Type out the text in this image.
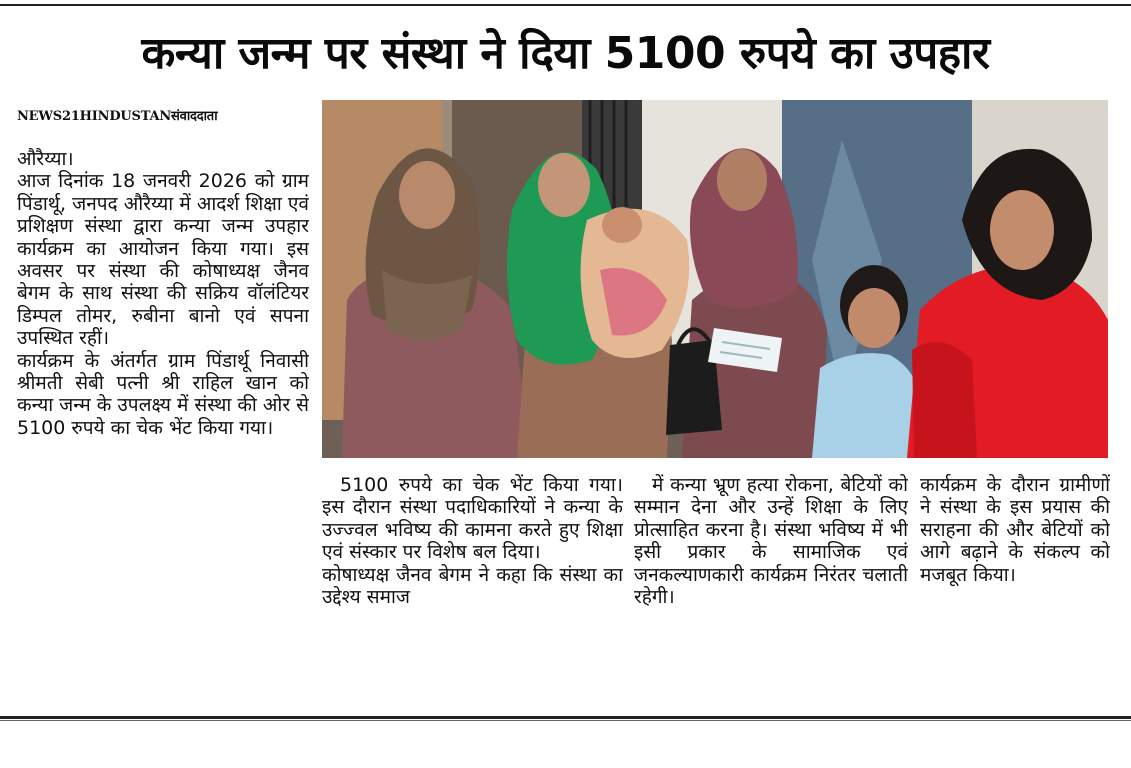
कन्या जन्म पर संस्था ने दिया 5100 रुपये का उपहार
NEWS21HINDUSTANसंवाददाता

औरैय्या।

आज दिनांक 18 जनवरी 2026 को ग्राम पिंडार्थू, जनपद औरैय्या में आदर्श शिक्षा एवं प्रशिक्षण संस्था द्वारा कन्या जन्म उपहार कार्यक्रम का आयोजन किया गया। इस अवसर पर संस्था की कोषाध्यक्ष जैनव बेगम के साथ संस्था की सक्रिय वॉलंटियर डिम्पल तोमर, रुबीना बानो एवं सपना उपस्थित रहीं।

कार्यक्रम के अंतर्गत ग्राम पिंडार्थू निवासी श्रीमती सेबी पत्नी श्री राहिल खान को कन्या जन्म के उपलक्ष्य में संस्था की ओर से 5100 रुपये का चेक भेंट किया गया।

5100 रुपये का चेक भेंट किया गया। इस दौरान संस्था पदाधिकारियों ने कन्या के उज्ज्वल भविष्य की कामना करते हुए शिक्षा एवं संस्कार पर विशेष बल दिया।

कोषाध्यक्ष जैनव बेगम ने कहा कि संस्था का उद्देश्य समाज

में कन्या भ्रूण हत्या रोकना, बेटियों को सम्मान देना और उन्हें शिक्षा के लिए प्रोत्साहित करना है। संस्था भविष्य में भी इसी प्रकार के सामाजिक एवं जनकल्याणकारी कार्यक्रम निरंतर चलाती रहेगी।

कार्यक्रम के दौरान ग्रामीणों ने संस्था के इस प्रयास की सराहना की और बेटियों को आगे बढ़ाने के संकल्प को मजबूत किया।
